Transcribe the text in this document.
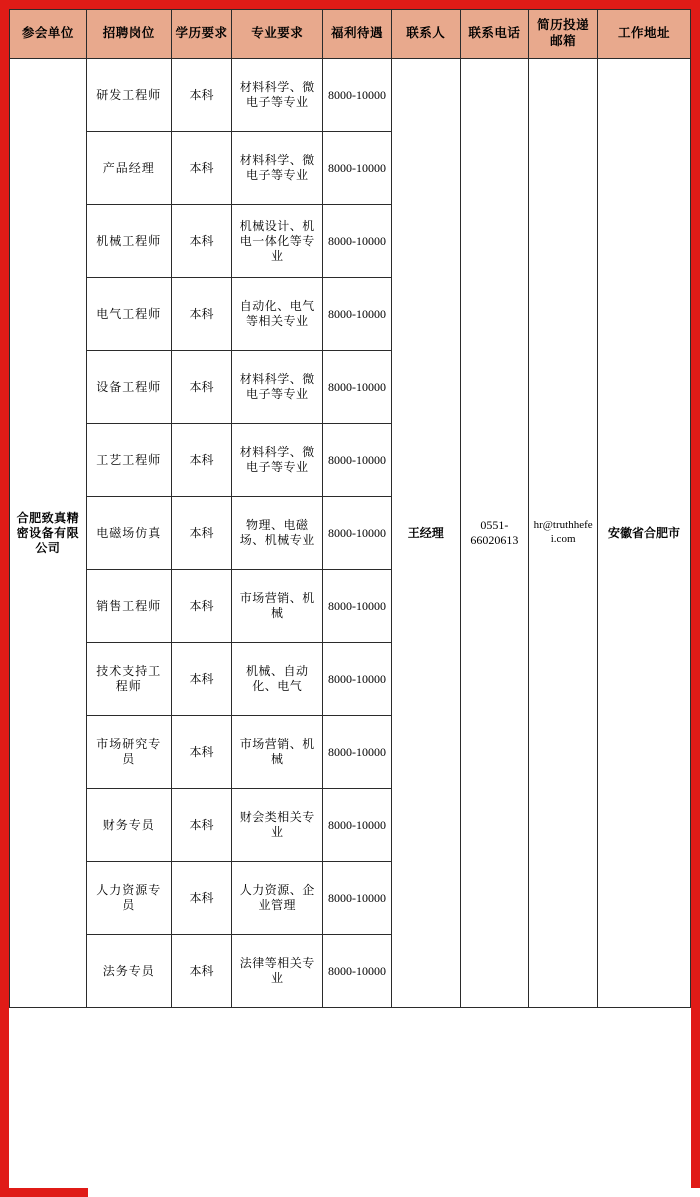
参会单位	招聘岗位	学历要求	专业要求	福利待遇	联系人	联系电话	简历投递邮箱	工作地址
合肥致真精密设备有限公司	研发工程师	本科	材料科学、微电子等专业	8000-10000	王经理	0551-66020613	hr@truthhefei.com	安徽省合肥市
	产品经理	本科	材料科学、微电子等专业	8000-10000				
	机械工程师	本科	机械设计、机电一体化等专业	8000-10000				
	电气工程师	本科	自动化、电气等相关专业	8000-10000				
	设备工程师	本科	材料科学、微电子等专业	8000-10000				
	工艺工程师	本科	材料科学、微电子等专业	8000-10000				
	电磁场仿真	本科	物理、电磁场、机械专业	8000-10000				
	销售工程师	本科	市场营销、机械	8000-10000				
	技术支持工程师	本科	机械、自动化、电气	8000-10000				
	市场研究专员	本科	市场营销、机械	8000-10000				
	财务专员	本科	财会类相关专业	8000-10000				
	人力资源专员	本科	人力资源、企业管理	8000-10000				
	法务专员	本科	法律等相关专业	8000-10000				
